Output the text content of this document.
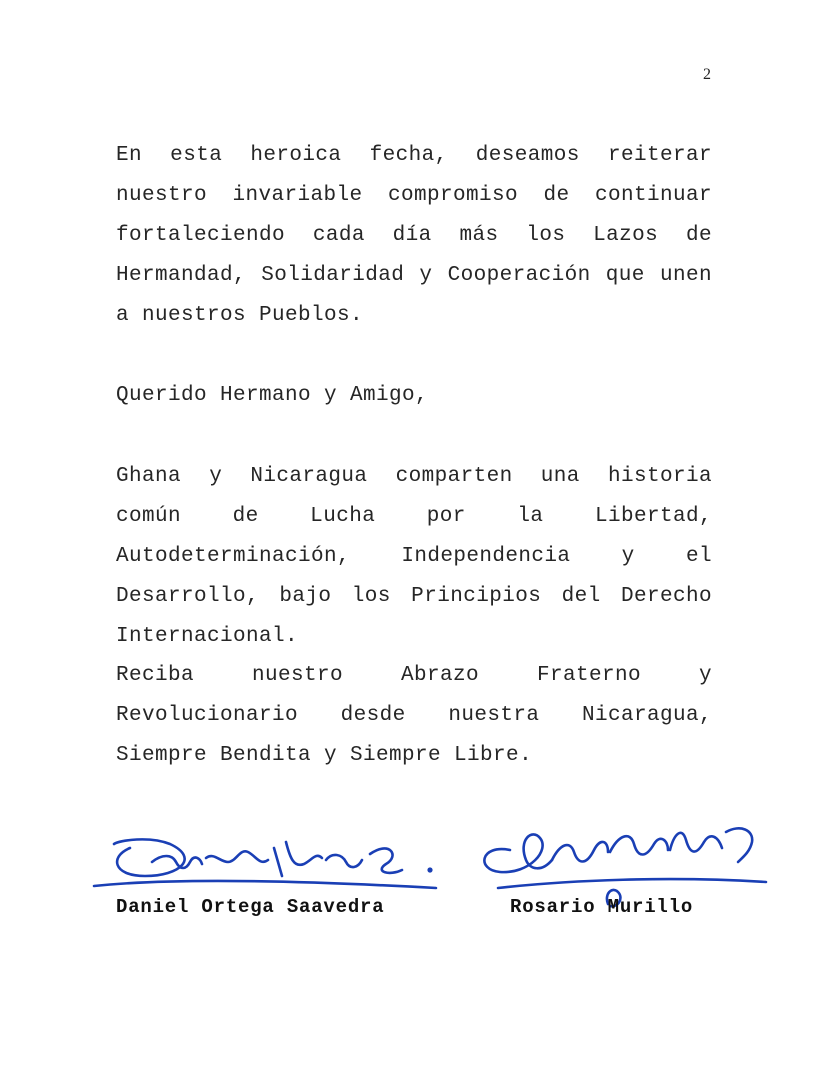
2

En esta heroica fecha, deseamos reiterar nuestro invariable compromiso de continuar fortaleciendo cada día más los Lazos de Hermandad, Solidaridad y Cooperación que unen a nuestros Pueblos.

Querido Hermano y Amigo,

Ghana y Nicaragua comparten una historia común de Lucha por la Libertad, Autodeterminación, Independencia y el Desarrollo, bajo los Principios del Derecho Internacional.

Reciba nuestro Abrazo Fraterno y Revolucionario desde nuestra Nicaragua, Siempre Bendita y Siempre Libre.

Daniel Ortega Saavedra	Rosario Murillo
